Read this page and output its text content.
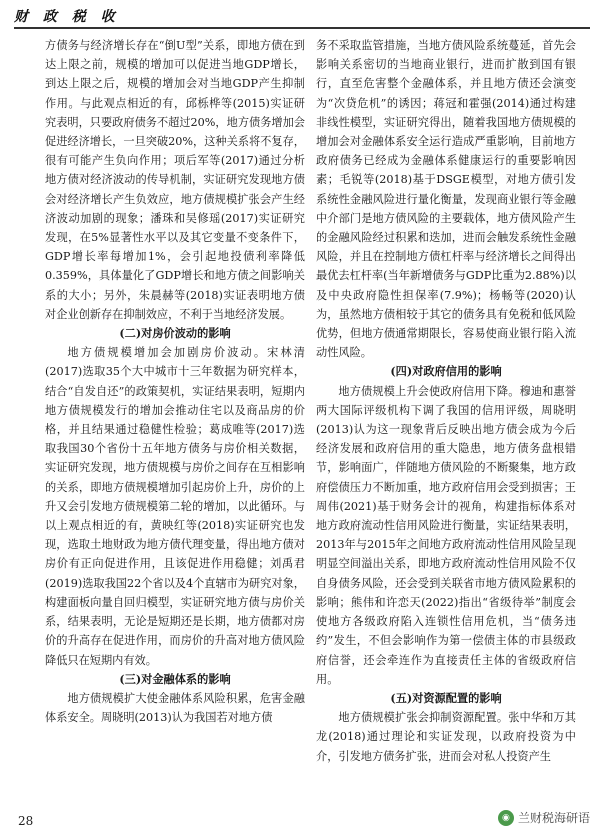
财 政 税 收

方债务与经济增长存在“倒U型”关系，即地方债在到达上限之前，规模的增加可以促进当地GDP增长，到达上限之后，规模的增加会对当地GDP产生抑制作用。与此观点相近的有，邱栎桦等(2015)实证研究表明，只要政府债务不超过20%，地方债务增加会促进经济增长，一旦突破20%，这种关系将不复存，很有可能产生负向作用；项后军等(2017)通过分析地方债对经济波动的传导机制，实证研究发现地方债会对经济增长产生负效应，地方债规模扩张会产生经济波动加剧的现象；潘珠和吴修瑶(2017)实证研究发现，在5%显著性水平以及其它变量不变条件下，GDP增长率每增加1%，会引起地投债利率降低0.359%，具体量化了GDP增长和地方债之间影响关系的大小；另外，朱晨赫等(2018)实证表明地方债对企业创新存在抑制效应，不利于当地经济发展。

(二)对房价波动的影响

地方债规模增加会加剧房价波动。宋林清(2017)选取35个大中城市十三年数据为研究样本，结合“自发自还”的政策契机，实证结果表明，短期内地方债规模发行的增加会推动住宅以及商品房的价格，并且结果通过稳健性检验；葛成唯等(2017)选取我国30个省份十五年地方债务与房价相关数据，实证研究发现，地方债规模与房价之间存在互相影响的关系，即地方债规模增加引起房价上升，房价的上升又会引发地方债规模第二轮的增加，以此循环。与以上观点相近的有，黄映红等(2018)实证研究也发现，选取土地财政为地方债代理变量，得出地方债对房价有正向促进作用，且该促进作用稳健；刘禹君(2019)选取我国22个省以及4个直辖市为研究对象，构建面板向量自回归模型，实证研究地方债与房价关系，结果表明，无论是短期还是长期，地方债都对房价的升高存在促进作用，而房价的升高对地方债风险降低只在短期内有效。

(三)对金融体系的影响

地方债规模扩大使金融体系风险积累，危害金融体系安全。周晓明(2013)认为我国若对地方债

务不采取监管措施，当地方债风险系统蔓延，首先会影响关系密切的当地商业银行，进而扩散到国有银行，直至危害整个金融体系，并且地方债还会演变为“次贷危机”的诱因；蒋冠和霍强(2014)通过构建非线性模型，实证研究得出，随着我国地方债规模的增加会对金融体系安全运行造成严重影响，目前地方政府债务已经成为金融体系健康运行的重要影响因素；毛锐等(2018)基于DSGE模型，对地方债引发系统性金融风险进行量化衡量，发现商业银行等金融中介部门是地方债风险的主要载体，地方债风险产生的金融风险经过积累和迭加，进而会触发系统性金融风险，并且在控制地方债杠杆率与经济增长之间得出最优去杠杆率(当年新增债务与GDP比重为2.88%)以及中央政府隐性担保率(7.9%)；杨畅等(2020)认为，虽然地方债相较于其它的债务具有免税和低风险优势，但地方债通常期限长，容易使商业银行陷入流动性风险。

(四)对政府信用的影响

地方债规模上升会使政府信用下降。穆迪和惠誉两大国际评级机构下调了我国的信用评级，周晓明(2013)认为这一现象背后反映出地方债会成为今后经济发展和政府信用的重大隐患，地方债务盘根错节，影响面广，伴随地方债风险的不断聚集，地方政府偿债压力不断加重，地方政府信用会受到损害；王周伟(2021)基于财务会计的视角，构建指标体系对地方政府流动性信用风险进行衡量，实证结果表明，2013年与2015年之间地方政府流动性信用风险呈现明显空间溢出关系，即地方政府流动性信用风险不仅自身债务风险，还会受到关联省市地方债风险累积的影响；熊伟和许恋天(2022)指出“省级待举”制度会使地方各级政府陷入连锁性信用危机，当“债务违约”发生，不但会影响作为第一偿债主体的市县级政府信誉，还会牵连作为直接责任主体的省级政府信用。

(五)对资源配置的影响

地方债规模扩张会抑制资源配置。张中华和万其龙(2018)通过理论和实证发现，以政府投资为中介，引发地方债务扩张，进而会对私人投资产生

28	◉ 兰财税海研语
